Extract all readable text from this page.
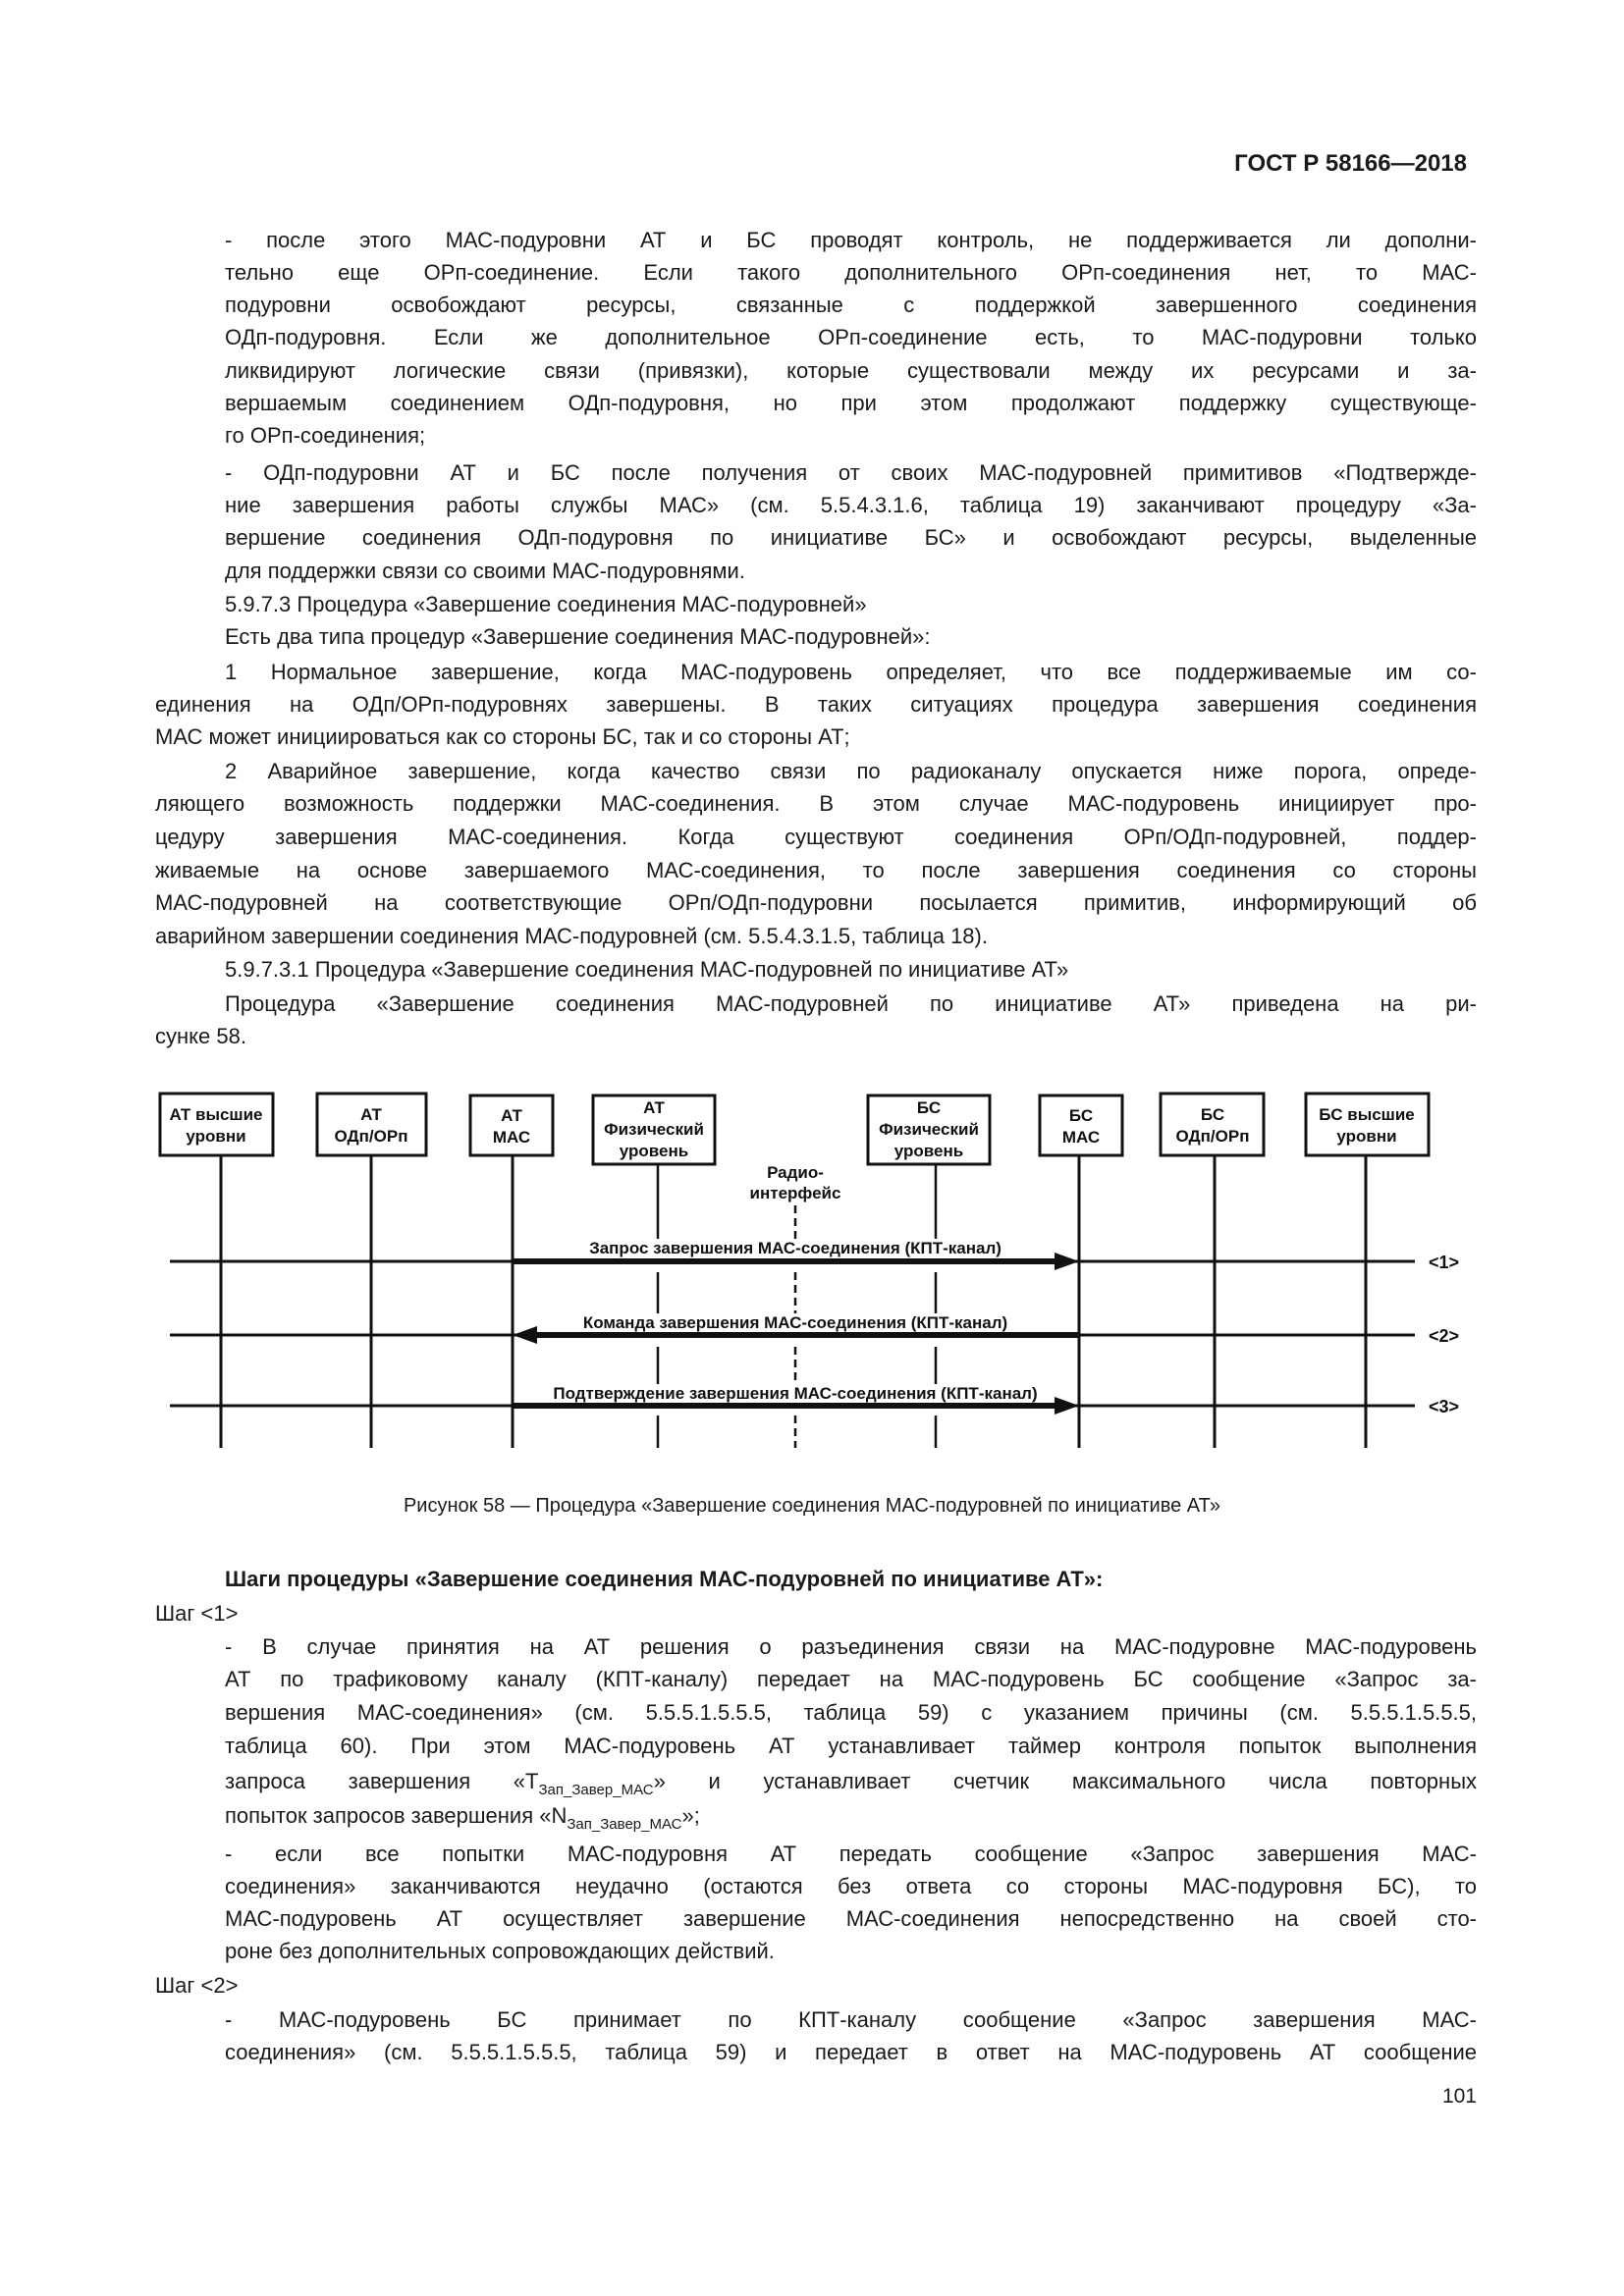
ГОСТ Р 58166—2018
- после этого МАС-подуровни АТ и БС проводят контроль, не поддерживается ли дополни-
тельно еще ОРп-соединение. Если такого дополнительного ОРп-соединения нет, то МАС-
подуровни освобождают ресурсы, связанные с поддержкой завершенного соединения
ОДп-подуровня. Если же дополнительное ОРп-соединение есть, то МАС-подуровни только
ликвидируют логические связи (привязки), которые существовали между их ресурсами и за-
вершаемым соединением ОДп-подуровня, но при этом продолжают поддержку существующе-
го ОРп-соединения;
- ОДп-подуровни АТ и БС после получения от своих МАС-подуровней примитивов «Подтвержде-
ние завершения работы службы МАС» (см. 5.5.4.3.1.6, таблица 19) заканчивают процедуру «За-
вершение соединения ОДп-подуровня по инициативе БС» и освобождают ресурсы, выделенные
для поддержки связи со своими МАС-подуровнями.
5.9.7.3 Процедура «Завершение соединения МАС-подуровней»
Есть два типа процедур «Завершение соединения МАС-подуровней»:
1 Нормальное завершение, когда МАС-подуровень определяет, что все поддерживаемые им со-
единения на ОДп/ОРп-подуровнях завершены. В таких ситуациях процедура завершения соединения
МАС может инициироваться как со стороны БС, так и со стороны АТ;
2 Аварийное завершение, когда качество связи по радиоканалу опускается ниже порога, опреде-
ляющего возможность поддержки МАС-соединения. В этом случае МАС-подуровень инициирует про-
цедуру завершения МАС-соединения. Когда существуют соединения ОРп/ОДп-подуровней, поддер-
живаемые на основе завершаемого МАС-соединения, то после завершения соединения со стороны
МАС-подуровней на соответствующие ОРп/ОДп-подуровни посылается примитив, информирующий об
аварийном завершении соединения МАС-подуровней (см. 5.5.4.3.1.5, таблица 18).
5.9.7.3.1 Процедура «Завершение соединения МАС-подуровней по инициативе АТ»
Процедура «Завершение соединения МАС-подуровней по инициативе АТ» приведена на ри-
сунке 58.
АТ высшие
уровни
АТ
ОДп/ОРп
АТ
МАС
АТ
Физический
уровень
БС
Физический
уровень
БС
МАС
БС
ОДп/ОРп
БС высшие
уровни
Радио-
интерфейс
Запрос завершения МАС-соединения (КПТ-канал)
Команда завершения МАС-соединения (КПТ-канал)
Подтверждение завершения МАС-соединения (КПТ-канал)
<1>
<2>
<3>
Рисунок 58 — Процедура «Завершение соединения МАС-подуровней по инициативе АТ»
Шаги процедуры «Завершение соединения МАС-подуровней по инициативе АТ»:
Шаг <1>
- В случае принятия на АТ решения о разъединения связи на МАС-подуровне МАС-подуровень
АТ по трафиковому каналу (КПТ-каналу) передает на МАС-подуровень БС сообщение «Запрос за-
вершения МАС-соединения» (см. 5.5.5.1.5.5.5, таблица 59) с указанием причины (см. 5.5.5.1.5.5.5,
таблица 60). При этом МАС-подуровень АТ устанавливает таймер контроля попыток выполнения
запроса завершения «$Т_{Зап\_Завер\_МАС}$» и устанавливает счетчик максимального числа повторных
попыток запросов завершения «$N_{Зап\_Завер\_МАС}$»;
- если все попытки МАС-подуровня АТ передать сообщение «Запрос завершения МАС-
соединения» заканчиваются неудачно (остаются без ответа со стороны МАС-подуровня БС), то
МАС-подуровень АТ осуществляет завершение МАС-соединения непосредственно на своей сто-
роне без дополнительных сопровождающих действий.
Шаг <2>
- МАС-подуровень БС принимает по КПТ-каналу сообщение «Запрос завершения МАС-
соединения» (см. 5.5.5.1.5.5.5, таблица 59) и передает в ответ на МАС-подуровень АТ сообщение
101
